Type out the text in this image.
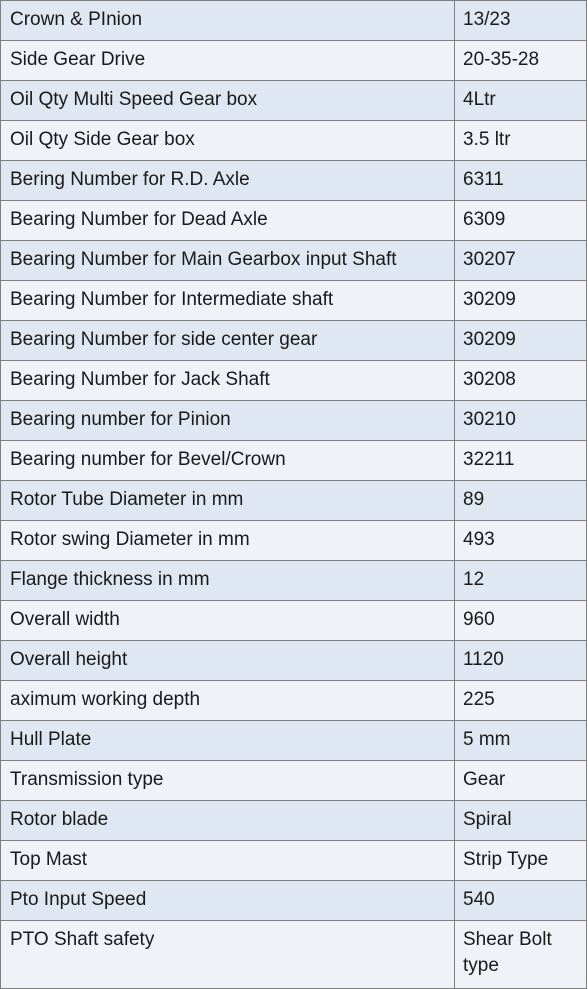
Crown & PInion	13/23
Side Gear Drive	20-35-28
Oil Qty Multi Speed Gear box	4Ltr
Oil Qty Side Gear box	3.5 ltr
Bering Number for R.D. Axle	6311
Bearing Number for Dead Axle	6309
Bearing Number for Main Gearbox input Shaft	30207
Bearing Number for Intermediate shaft	30209
Bearing Number for side center gear	30209
Bearing Number for Jack Shaft	30208
Bearing number for Pinion	30210
Bearing number for Bevel/Crown	32211
Rotor Tube Diameter in mm	89
Rotor swing Diameter in mm	493
Flange thickness in mm	12
Overall width	960
Overall height	1120
aximum working depth	225
Hull Plate	5 mm
Transmission type	Gear
Rotor blade	Spiral
Top Mast	Strip Type
Pto Input Speed	540
PTO Shaft safety	Shear Bolt type
